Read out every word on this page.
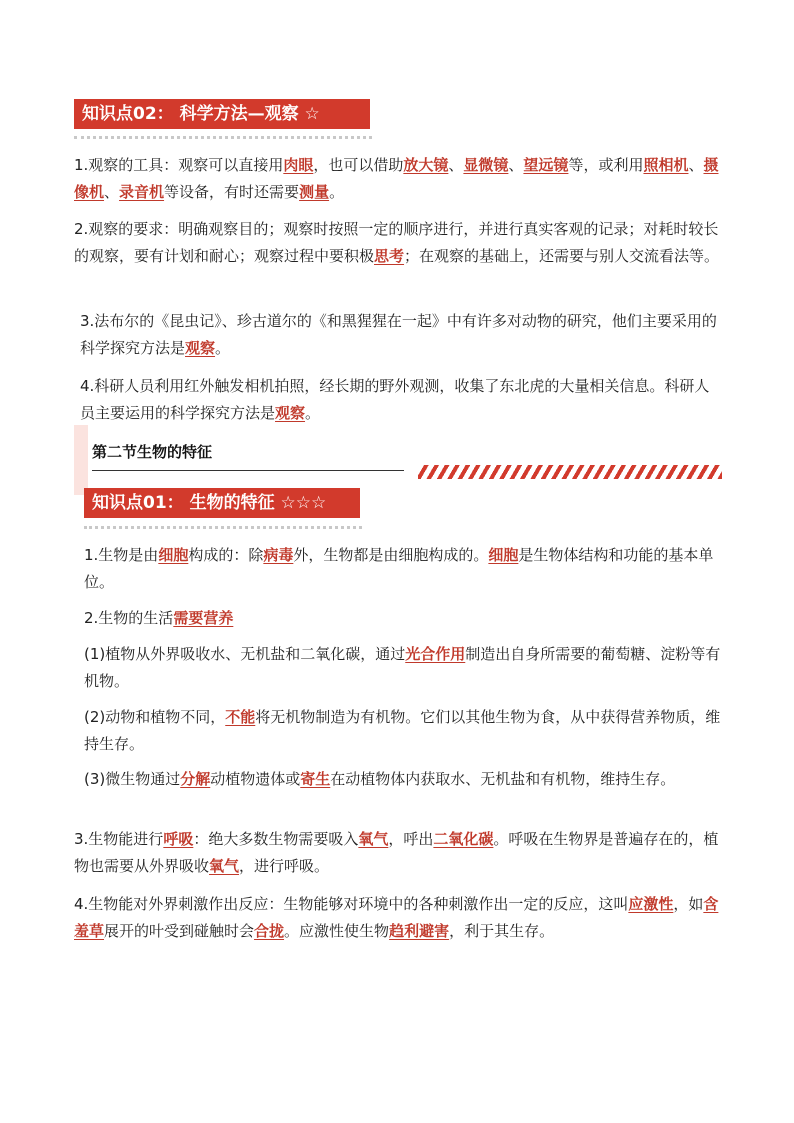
知识点02： 科学方法—观察 ☆
1.观察的工具：观察可以直接用肉眼，也可以借助放大镜、显微镜、望远镜等，或利用照相机、摄像机、录音机等设备，有时还需要测量。
2.观察的要求：明确观察目的；观察时按照一定的顺序进行，并进行真实客观的记录；对耗时较长的观察，要有计划和耐心；观察过程中要积极思考；在观察的基础上，还需要与别人交流看法等。
3.法布尔的《昆虫记》、珍古道尔的《和黑猩猩在一起》中有许多对动物的研究，他们主要采用的科学探究方法是观察。
4.科研人员利用红外触发相机拍照，经长期的野外观测，收集了东北虎的大量相关信息。科研人员主要运用的科学探究方法是观察。
第二节生物的特征
知识点01： 生物的特征 ☆☆☆
1.生物是由细胞构成的：除病毒外，生物都是由细胞构成的。细胞是生物体结构和功能的基本单位。
2.生物的生活需要营养
(1)植物从外界吸收水、无机盐和二氧化碳，通过光合作用制造出自身所需要的葡萄糖、淀粉等有机物。
(2)动物和植物不同，不能将无机物制造为有机物。它们以其他生物为食，从中获得营养物质，维持生存。
(3)微生物通过分解动植物遗体或寄生在动植物体内获取水、无机盐和有机物，维持生存。
3.生物能进行呼吸：绝大多数生物需要吸入氧气，呼出二氧化碳。呼吸在生物界是普遍存在的，植物也需要从外界吸收氧气，进行呼吸。
4.生物能对外界刺激作出反应：生物能够对环境中的各种刺激作出一定的反应，这叫应激性，如含羞草展开的叶受到碰触时会合拢。应激性使生物趋利避害，利于其生存。
